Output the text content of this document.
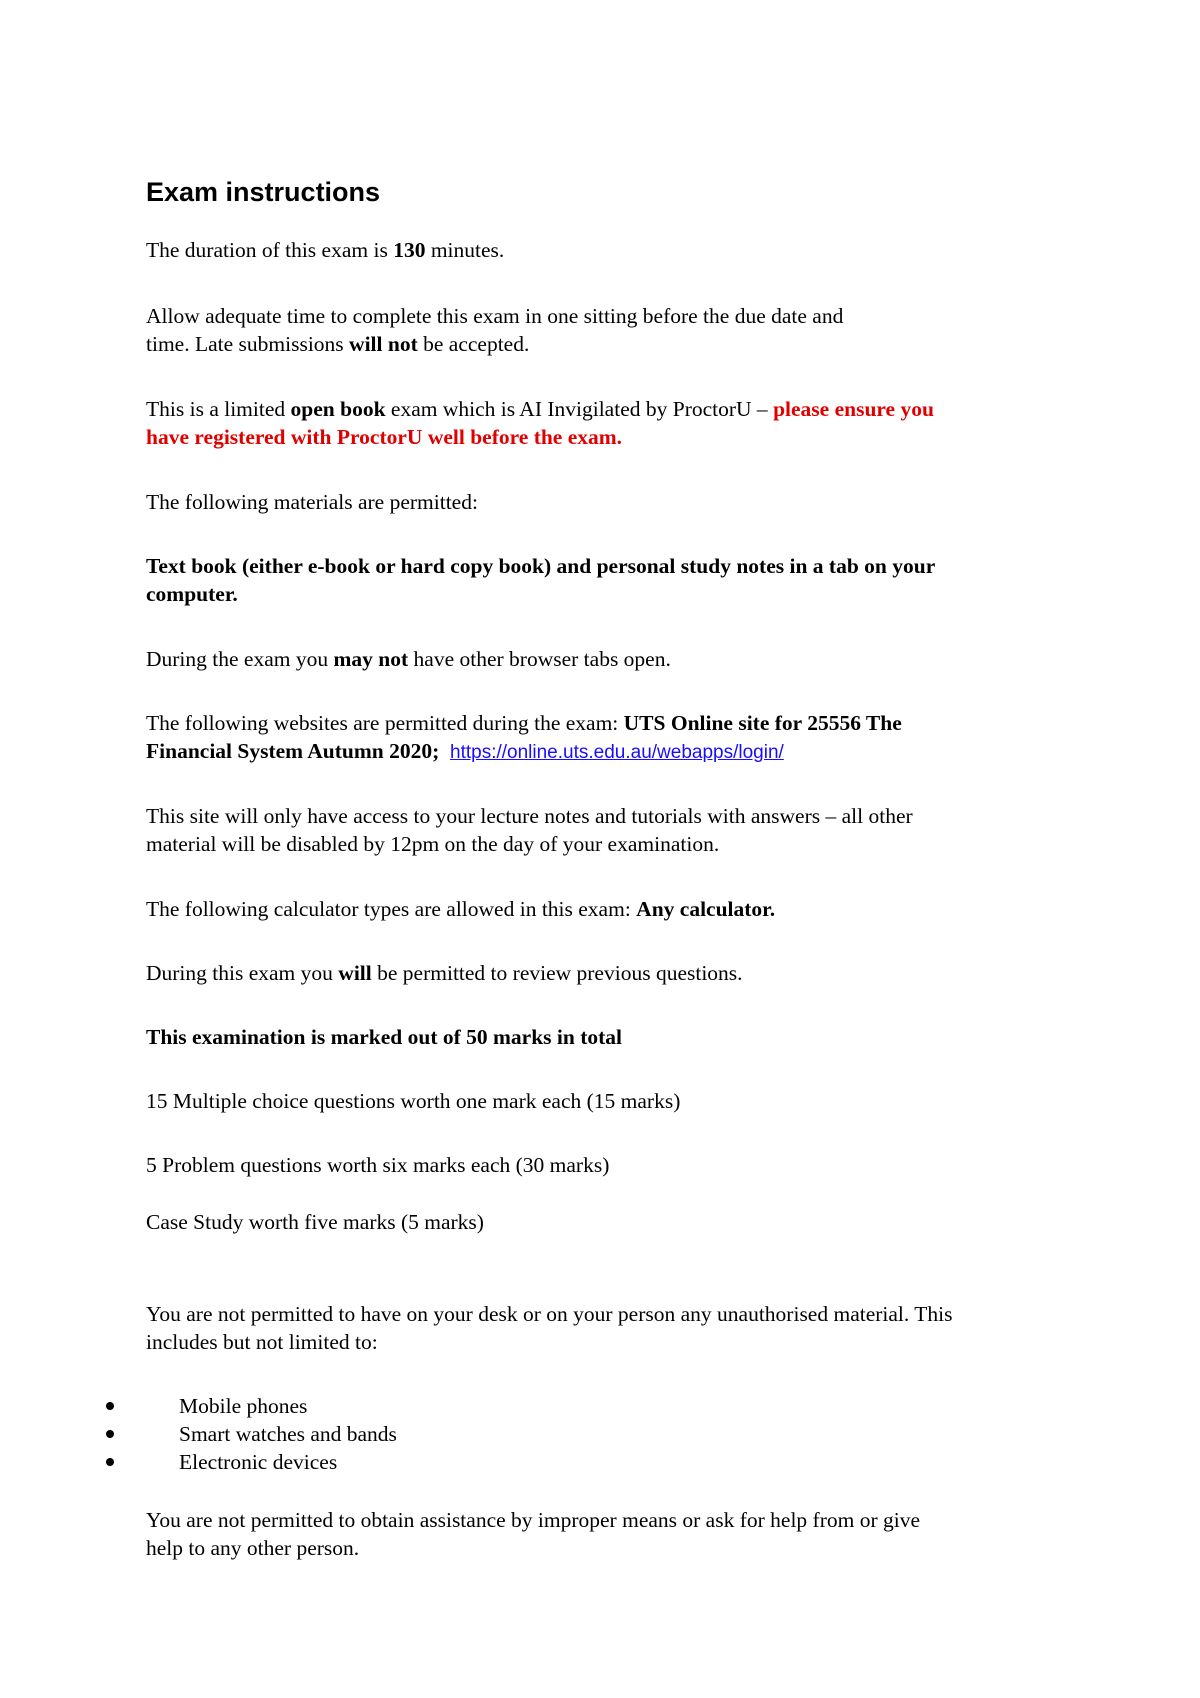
Exam instructions

The duration of this exam is 130 minutes.

Allow adequate time to complete this exam in one sitting before the due date and
time. Late submissions will not be accepted.

This is a limited open book exam which is AI Invigilated by ProctorU – please ensure you
have registered with ProctorU well before the exam.

The following materials are permitted:

Text book (either e-book or hard copy book) and personal study notes in a tab on your
computer.

During the exam you may not have other browser tabs open.

The following websites are permitted during the exam: UTS Online site for 25556 The
Financial System Autumn 2020; https://online.uts.edu.au/webapps/login/

This site will only have access to your lecture notes and tutorials with answers – all other
material will be disabled by 12pm on the day of your examination.

The following calculator types are allowed in this exam: Any calculator.

During this exam you will be permitted to review previous questions.

This examination is marked out of 50 marks in total

15 Multiple choice questions worth one mark each (15 marks)

5 Problem questions worth six marks each (30 marks)

Case Study worth five marks (5 marks)

You are not permitted to have on your desk or on your person any unauthorised material. This
includes but not limited to:

Mobile phones
Smart watches and bands
Electronic devices

You are not permitted to obtain assistance by improper means or ask for help from or give
help to any other person.
